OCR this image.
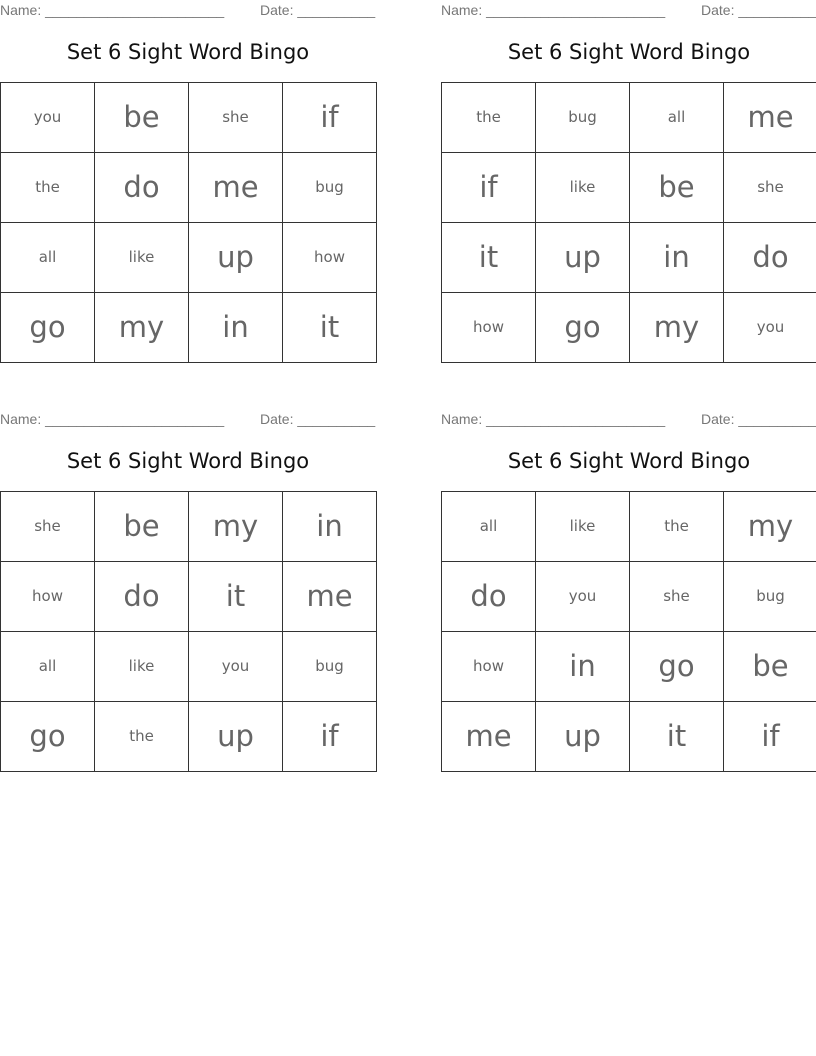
Name: _______________________	Date: __________
Set 6 Sight Word Bingo
you	be	she	if
the	do	me	bug
all	like	up	how
go	my	in	it
Name: _______________________	Date: __________
Set 6 Sight Word Bingo
the	bug	all	me
if	like	be	she
it	up	in	do
how	go	my	you
Name: _______________________	Date: __________
Set 6 Sight Word Bingo
she	be	my	in
how	do	it	me
all	like	you	bug
go	the	up	if
Name: _______________________	Date: __________
Set 6 Sight Word Bingo
all	like	the	my
do	you	she	bug
how	in	go	be
me	up	it	if
